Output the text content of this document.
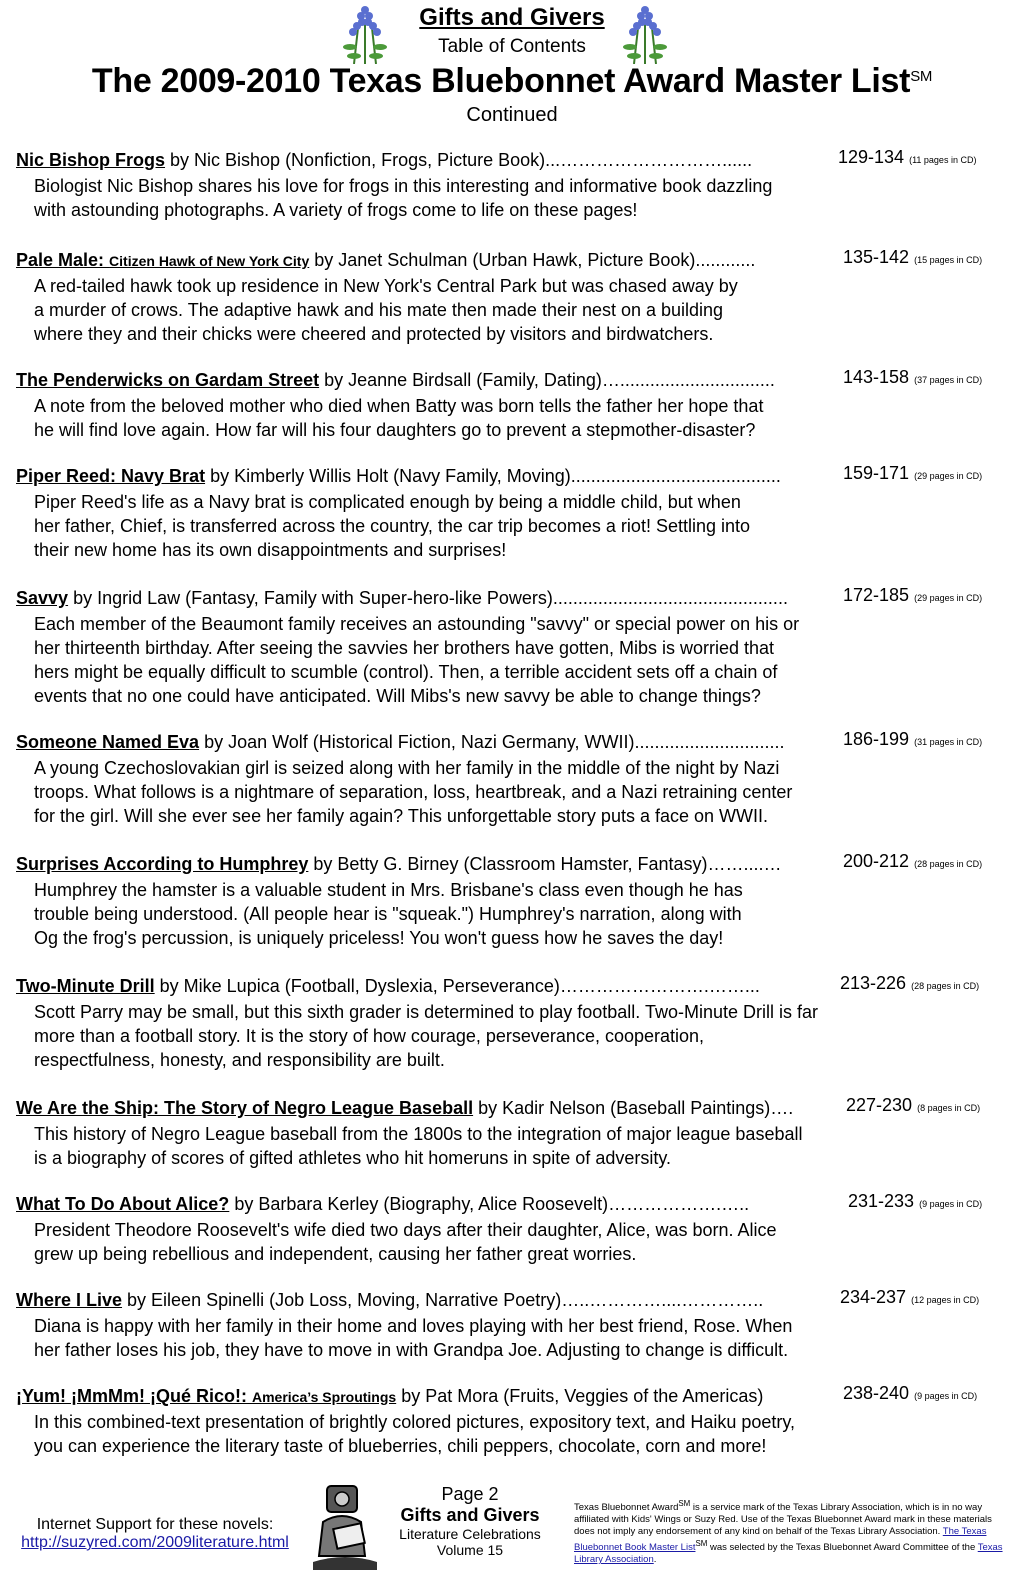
Gifts and Givers
Table of Contents
The 2009-2010 Texas Bluebonnet Award Master List℠
Continued
Nic Bishop Frogs by Nic Bishop (Nonfiction, Frogs, Picture Book)...………………………......	129-134 (11 pages in CD)
Biologist Nic Bishop shares his love for frogs in this interesting and informative book dazzling
with astounding photographs. A variety of frogs come to life on these pages!
Pale Male: Citizen Hawk of New York City by Janet Schulman (Urban Hawk, Picture Book)............	135-142 (15 pages in CD)
A red-tailed hawk took up residence in New York's Central Park but was chased away by
a murder of crows. The adaptive hawk and his mate then made their nest on a building
where they and their chicks were cheered and protected by visitors and birdwatchers.
The Penderwicks on Gardam Street by Jeanne Birdsall (Family, Dating)…...............................	143-158 (37 pages in CD)
A note from the beloved mother who died when Batty was born tells the father her hope that
he will find love again. How far will his four daughters go to prevent a stepmother-disaster?
Piper Reed: Navy Brat by Kimberly Willis Holt (Navy Family, Moving)..........................................	159-171 (29 pages in CD)
Piper Reed's life as a Navy brat is complicated enough by being a middle child, but when
her father, Chief, is transferred across the country, the car trip becomes a riot! Settling into
their new home has its own disappointments and surprises!
Savvy by Ingrid Law (Fantasy, Family with Super-hero-like Powers)...............................................	172-185 (29 pages in CD)
Each member of the Beaumont family receives an astounding "savvy" or special power on his or
her thirteenth birthday. After seeing the savvies her brothers have gotten, Mibs is worried that
hers might be equally difficult to scumble (control). Then, a terrible accident sets off a chain of
events that no one could have anticipated. Will Mibs's new savvy be able to change things?
Someone Named Eva by Joan Wolf (Historical Fiction, Nazi Germany, WWII)..............................	186-199 (31 pages in CD)
A young Czechoslovakian girl is seized along with her family in the middle of the night by Nazi
troops. What follows is a nightmare of separation, loss, heartbreak, and a Nazi retraining center
for the girl. Will she ever see her family again? This unforgettable story puts a face on WWII.
Surprises According to Humphrey by Betty G. Birney (Classroom Hamster, Fantasy)……....…	200-212 (28 pages in CD)
Humphrey the hamster is a valuable student in Mrs. Brisbane's class even though he has
trouble being understood. (All people hear is "squeak.") Humphrey's narration, along with
Og the frog's percussion, is uniquely priceless! You won't guess how he saves the day!
Two-Minute Drill by Mike Lupica (Football, Dyslexia, Perseverance)…………………….……...	213-226 (28 pages in CD)
Scott Parry may be small, but this sixth grader is determined to play football. Two-Minute Drill is far
more than a football story. It is the story of how courage, perseverance, cooperation,
respectfulness, honesty, and responsibility are built.
We Are the Ship: The Story of Negro League Baseball by Kadir Nelson (Baseball Paintings)….	227-230 (8 pages in CD)
This history of Negro League baseball from the 1800s to the integration of major league baseball
is a biography of scores of gifted athletes who hit homeruns in spite of adversity.
What To Do About Alice? by Barbara Kerley (Biography, Alice Roosevelt)……………….…..	231-233 (9 pages in CD)
President Theodore Roosevelt's wife died two days after their daughter, Alice, was born. Alice
grew up being rebellious and independent, causing her father great worries.
Where I Live by Eileen Spinelli (Job Loss, Moving, Narrative Poetry)…..…………....…………..	234-237 (12 pages in CD)
Diana is happy with her family in their home and loves playing with her best friend, Rose. When
her father loses his job, they have to move in with Grandpa Joe. Adjusting to change is difficult.
¡Yum! ¡MmMm! ¡Qué Rico!: America’s Sproutings by Pat Mora (Fruits, Veggies of the Americas)	238-240 (9 pages in CD)
In this combined-text presentation of brightly colored pictures, expository text, and Haiku poetry,
you can experience the literary taste of blueberries, chili peppers, chocolate, corn and more!
Internet Support for these novels:
http://suzyred.com/2009literature.html
Page 2
Gifts and Givers
Literature Celebrations
Volume 15
Texas Bluebonnet Award℠ is a service mark of the Texas Library Association, which is in no way affiliated with Kids' Wings or Suzy Red. Use of the Texas Bluebonnet Award mark in these materials does not imply any endorsement of any kind on behalf of the Texas Library Association. The Texas Bluebonnet Book Master List℠ was selected by the Texas Bluebonnet Award Committee of the Texas Library Association.
